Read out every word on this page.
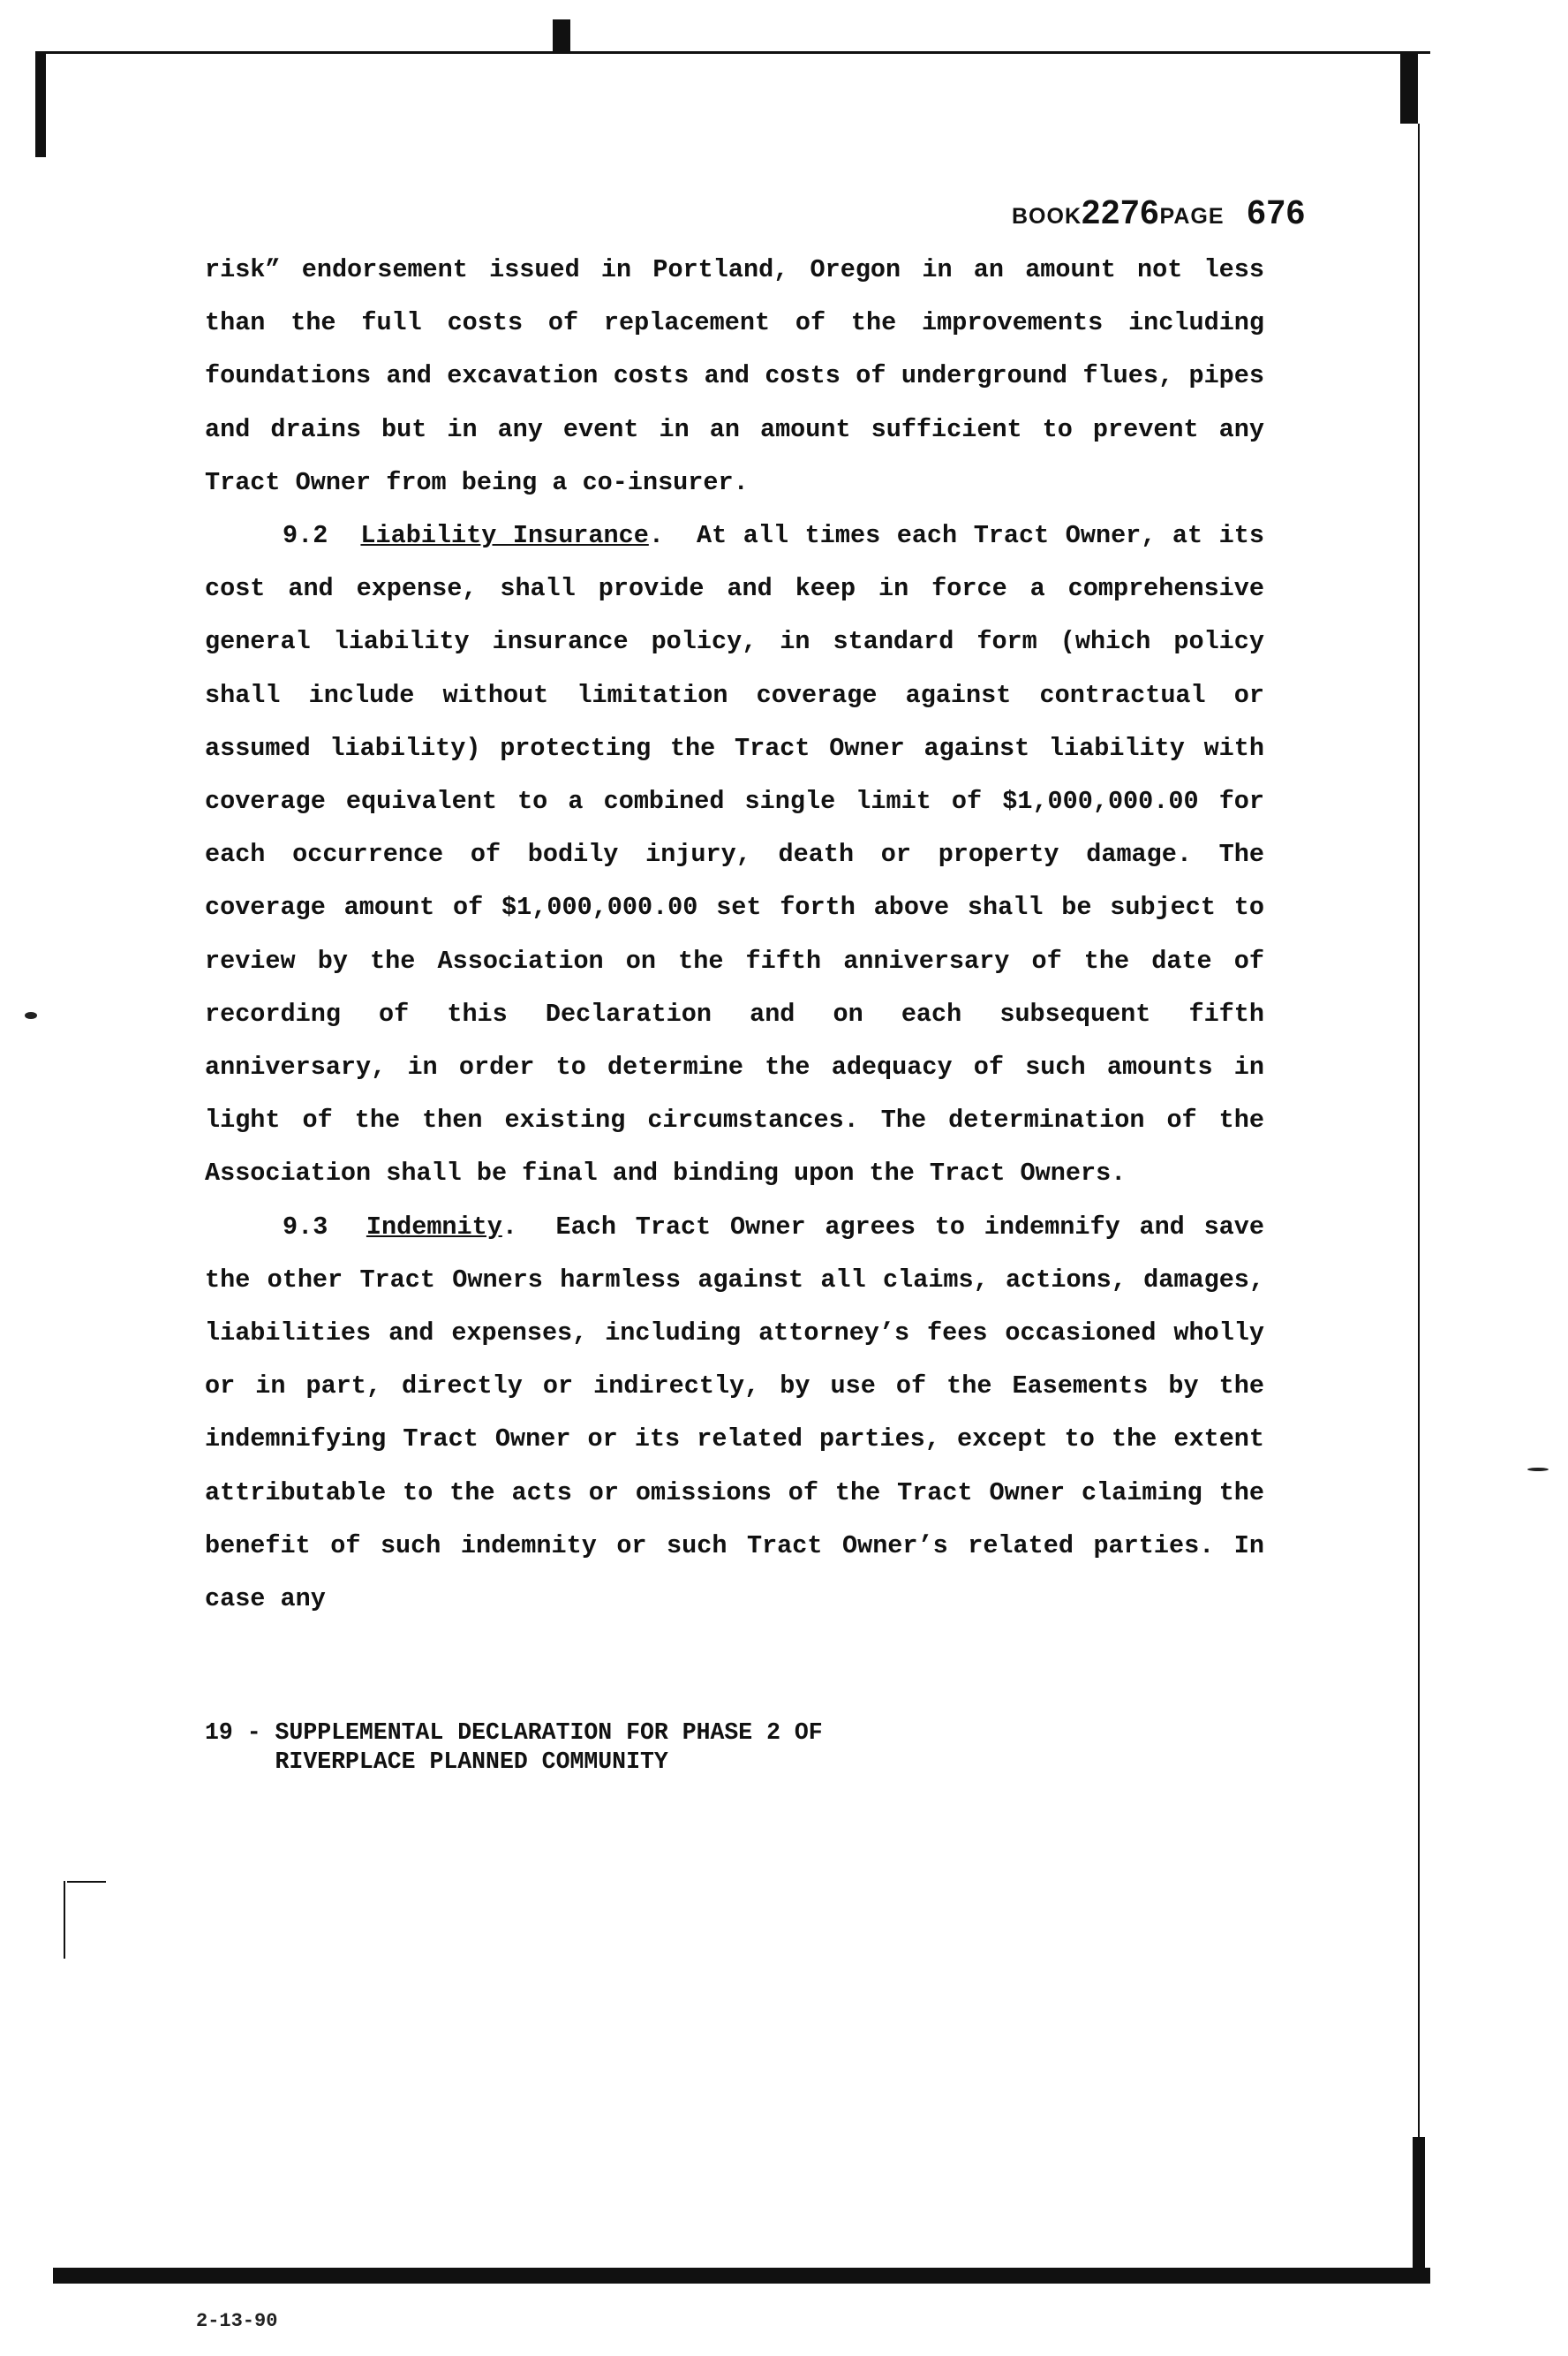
BOOK2276PAGE 676

risk” endorsement issued in Portland, Oregon in an amount not less than the full costs of replacement of the improvements including foundations and excavation costs and costs of underground flues, pipes and drains but in any event in an amount sufficient to prevent any Tract Owner from being a co-insurer.

9.2 Liability Insurance.  At all times each Tract Owner, at its cost and expense, shall provide and keep in force a comprehensive general liability insurance policy, in standard form (which policy shall include without limitation coverage against contractual or assumed liability) protecting the Tract Owner against liability with coverage equivalent to a combined single limit of $1,000,000.00 for each occurrence of bodily injury, death or property damage. The coverage amount of $1,000,000.00 set forth above shall be subject to review by the Association on the fifth anniversary of the date of recording of this Declaration and on each subsequent fifth anniversary, in order to determine the adequacy of such amounts in light of the then existing circumstances. The determination of the Association shall be final and binding upon the Tract Owners.

9.3 Indemnity.  Each Tract Owner agrees to indemnify and save the other Tract Owners harmless against all claims, actions, damages, liabilities and expenses, including attorney’s fees occasioned wholly or in part, directly or indirectly, by use of the Easements by the indemnifying Tract Owner or its related parties, except to the extent attributable to the acts or omissions of the Tract Owner claiming the benefit of such indemnity or such Tract Owner’s related parties. In case any

19 - SUPPLEMENTAL DECLARATION FOR PHASE 2 OF
RIVERPLACE PLANNED COMMUNITY
2-13-90
